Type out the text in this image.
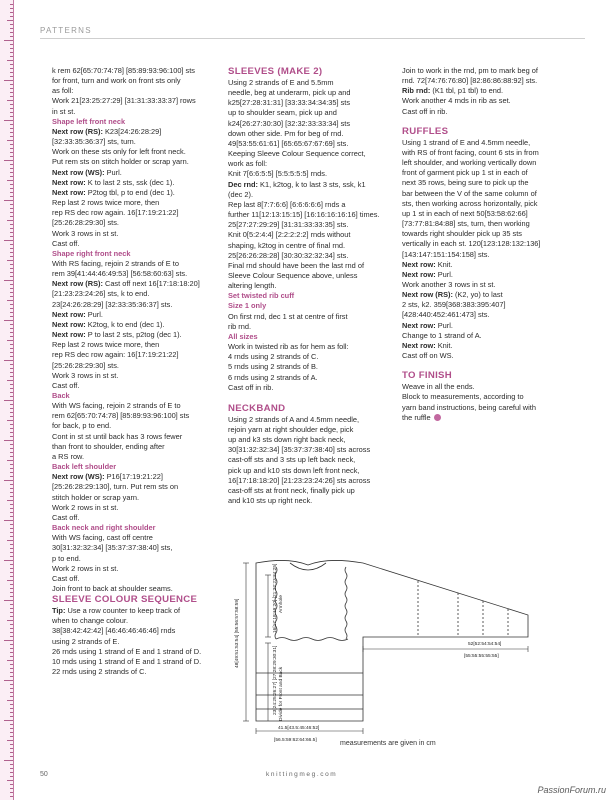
PATTERNS

k rem 62[65:70:74:78] [85:89:93:96:100] sts

for front, turn and work on front sts only

as foll:

Work 21[23:25:27:29] [31:31:33:33:37] rows

in st st.

Shape left front neck

Next row (RS): K23[24:26:28:29]

[32:33:35:36:37] sts, turn.

Work on these sts only for left front neck.

Put rem sts on stitch holder or scrap yarn.

Next row (WS): Purl.

Next row: K to last 2 sts, ssk (dec 1).

Next row: P2tog tbl, p to end (dec 1).

Rep last 2 rows twice more, then

rep RS dec row again. 16[17:19:21:22]

[25:26:28:29:30] sts.

Work 3 rows in st st.

Cast off.

Shape right front neck

With RS facing, rejoin 2 strands of E to

rem 39[41:44:46:49:53] [56:58:60:63] sts.

Next row (RS): Cast off next 16[17:18:18:20]

[21:23:23:24:26] sts, k to end.

23[24:26:28:29] [32:33:35:36:37] sts.

Next row: Purl.

Next row: K2tog, k to end (dec 1).

Next row: P to last 2 sts, p2tog (dec 1).

Rep last 2 rows twice more, then

rep RS dec row again: 16[17:19:21:22]

[25:26:28:29:30] sts.

Work 3 rows in st st.

Cast off.

Back

With WS facing, rejoin 2 strands of E to

rem 62[65:70:74:78] [85:89:93:96:100] sts

for back, p to end.

Cont in st st until back has 3 rows fewer

than front to shoulder, ending after

a RS row.

Back left shoulder

Next row (WS): P16[17:19:21:22]

[25:26:28:29:130], turn. Put rem sts on

stitch holder or scrap yarn.

Work 2 rows in st st.

Cast off.

Back neck and right shoulder

With WS facing, cast off centre

30[31:32:32:34] [35:37:37:38:40] sts,

p to end.

Work 2 rows in st st.

Cast off.

Join front to back at shoulder seams.

SLEEVE COLOUR SEQUENCE

Tip: Use a row counter to keep track of

when to change colour.

38[38:42:42:42] [46:46:46:46:46] rnds

using 2 strands of E.

26 rnds using 1 strand of E and 1 strand of D.

10 rnds using 1 strand of E and 1 strand of D.

22 rnds using 2 strands of C.

SLEEVES (MAKE 2)

Using 2 strands of E and 5.5mm

needle, beg at underarm, pick up and

k25[27:28:31:31] [33:33:34:34:35] sts

up to shoulder seam, pick up and

k24[26:27:30:30] [32:32:33:33:34] sts

down other side. Pm for beg of rnd.

49[53:55:61:61] [65:65:67:67:69] sts.

Keeping Sleeve Colour Sequence correct,

work as foll:

Knit 7[6:6:5:5] [5:5:5:5:5] rnds.

Dec rnd: K1, k2tog, k to last 3 sts, ssk, k1

(dec 2).

Rep last 8[7:7:6:6] [6:6:6:6:6] rnds a

further 11[12:13:15:15] [16:16:16:16:16] times.

25[27:27:29:29] [31:31:33:33:35] sts.

Knit 0[5:2:4:4] [2:2:2:2:2] rnds without

shaping, k2tog in centre of final rnd.

25[26:26:28:28] [30:30:32:32:34] sts.

Final rnd should have been the last rnd of

Sleeve Colour Sequence above, unless

altering length.

Set twisted rib cuff

Size 1 only

On first rnd, dec 1 st at centre of first

rib rnd.

All sizes

Work in twisted rib as for hem as foll:

4 rnds using 2 strands of C.

5 rnds using 2 strands of B.

6 rnds using 2 strands of A.

Cast off in rib.

NECKBAND

Using 2 strands of A and 4.5mm needle,

rejoin yarn at right shoulder edge, pick

up and k3 sts down right back neck,

30[31:32:32:34] [35:37:37:38:40] sts across

cast-off sts and 3 sts up left back neck,

pick up and k10 sts down left front neck,

16[17:18:18:20] [21:23:23:24:26] sts across

cast-off sts at front neck, finally pick up

and k10 sts up right neck.

Join to work in the rnd, pm to mark beg of

rnd. 72[74:76:76:80] [82:86:86:88:92] sts.

Rib rnd: (K1 tbl, p1 tbl) to end.

Work another 4 rnds in rib as set.

Cast off in rib.

RUFFLES

Using 1 strand of E and 4.5mm needle,

with RS of front facing, count 6 sts in from

left shoulder, and working vertically down

front of garment pick up 1 st in each of

next 35 rows, being sure to pick up the

bar between the V of the same column of

sts, then working across horizontally, pick

up 1 st in each of next 50[53:58:62:66]

[73:77:81:84:88] sts, turn, then working

towards right shoulder pick up 35 sts

vertically in each st. 120[123:128:132:136]

[143:147:151:154:158] sts.

Next row: Knit.

Next row: Purl.

Work another 3 rows in st st.

Next row (RS): (K2, yo) to last

2 sts, k2. 359[368:383:395:407]

[428:440:452:461:473] sts.

Next row: Purl.

Change to 1 strand of A.

Next row: Knit.

Cast off on WS.

TO FINISH

Weave in all the ends.

Block to measurements, according to

yarn band instructions, being careful with

the ruffle

48[49:51:53:54] [55:56:57:58:59]
16[17:18:19:20] [21:22:23:24:25] Armhole
23[24:25:26:27] [27:28:29:30:31] Divide for Front and Back
52[52:54:54:54]
[55:55:55:55:55]
41.5[43.5:45:46:52]
[56.5:59:62:64:66.5]	measurements are given in cm
50	knittingmeg.com
PassionForum.ru
